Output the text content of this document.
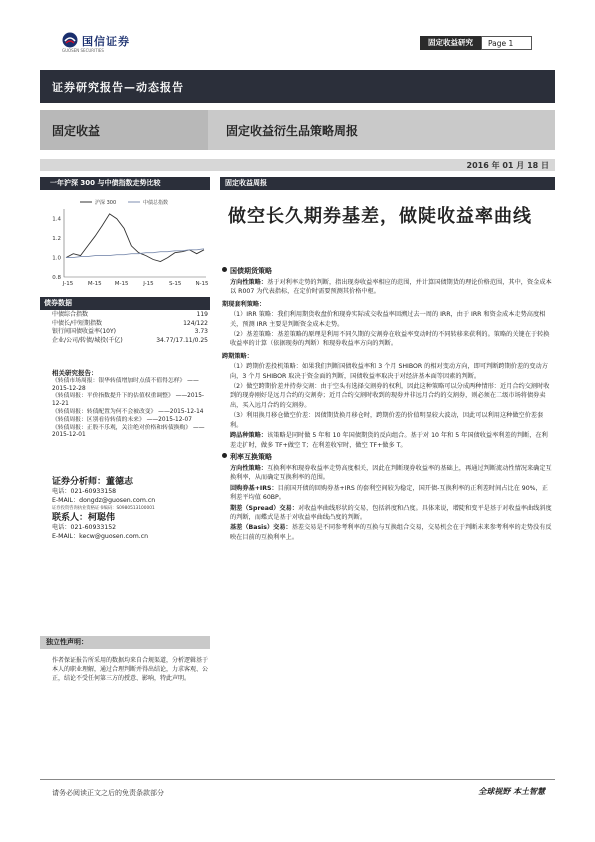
国信证券
GUOSEN SECURITIES
固定收益研究	Page 1
证券研究报告—动态报告
固定收益	固定收益衍生品策略周报
2016 年 01 月 18 日
一年沪深 300 与中债指数走势比较
0.8
1.0
1.2
1.4
J-15	M-15 M-15	J-15	S-15	N-15
沪深 300	中债总指数
债券数据
中债综合指数	119
中债长/中短期指数	124/122
银行间国债收益率(10Y)	3.73
企业/公司/转债/城投(千亿)	34.77/17.11/0.25
相关研究报告：
《转债市场周报：银华转债增加时点债不值得怎样》 ——2015-12-28
《转债周报：平价指数提升下的估值权重调整》 ——2015-12-21
《转债周报：转债配置为何不会被改变》 ——2015-12-14
《转债周报：区别看待转债的未来》 ——2015-12-07
《转债周报：正股不乐观，关注绝对价格和转债换购》 ——2015-12-01
证券分析师：董德志
电话：021-60933158
E-MAIL：dongdz@guosen.com.cn
证券投资咨询执业资格证书编码：S0980513100001
联系人：柯聪伟
电话：021-60933152
E-MAIL：kecw@guosen.com.cn
独立性声明：
作者保证报告所采用的数据均来自合规渠道，分析逻辑基于本人的职业理解，通过合理判断并得出结论，力求客观、公正，结论不受任何第三方的授意、影响，特此声明。
固定收益周报
做空长久期券基差，做陡收益率曲线
国债期货策略

方向性策略：基于对利率走势的判断，指出现券收益率相应的范围，并计算国债期货的理论价格范围，其中，资金成本以 R007 为代表指标，在定价时需要预测其价格中枢。

期现套利策略：

（1）IRR 策略：我们利用期货收盘价和现券实际成交收益率回溯过去一周的 IRR，由于 IRR 和资金成本走势高度相关，预测 IRR 主要是判断资金成本走势。

（2）基差策略：基差策略的原理是利用不同久期的交割券在收益率变动时的不同转移来获利的。策略的关键在于转换收益率的计算（依据现券的判断）和现券收益率方向的判断。

跨期策略：

（1）跨期价差投机策略：如果我们判断国债收益率和 3 个月 SHIBOR 的相对变动方向，即可判断跨期价差的变动方向，3 个月 SHIBOR 取决于资金面的判断，国债收益率取决于对经济基本面等因素的判断。

（2）做空跨期价差并持券交割：由于空头有选择交割券的权利，因此这种策略可以分成两种情形：近月合约交割时收到的现券刚好是远月合约的交割券；近月合约交割时收到的现券并非远月合约的交割券，则必须在二级市场将债券卖出，买入远月合约的交割券。

（3）利用换月移仓做空价差：因债期货换月移仓时，跨期价差的价值明显较大波动，因此可以利用这种做空价差套利。

跨品种策略：该策略是同时做 5 年和 10 年国债期货的反向组合。基于对 10 年和 5 年国债收益率利差的判断，在利差走扩时，做多 TF+做空 T；在利差收窄时，做空 TF+做多 T。

利率互换策略

方向性策略：互换利率和现券收益率走势高度相关，因此在判断现券收益率的基础上，再通过判断流动性情况来确定互换利率，从而确定互换利率的范围。

回购券基+IRS：目前国开债的回购券基+IRS 的套利空间较为稳定，国开债-互换利率的正利差时间占比在 90%，正利差平均值 60BP。

期差（Spread）交易：对收益率曲线形状的交易，包括斜度和凸度。具体来说，增陡和变平是基于对收益率曲线斜度的判断，而蝶式是基于对收益率曲线凸度的判断。

基差（Basis）交易：基差交易是不同参考利率的互换与互换组合交易，交易机会在于判断未来参考利率的走势没有反映在目前的互换利率上。

请务必阅读正文之后的免责条款部分	全球视野 本土智慧
